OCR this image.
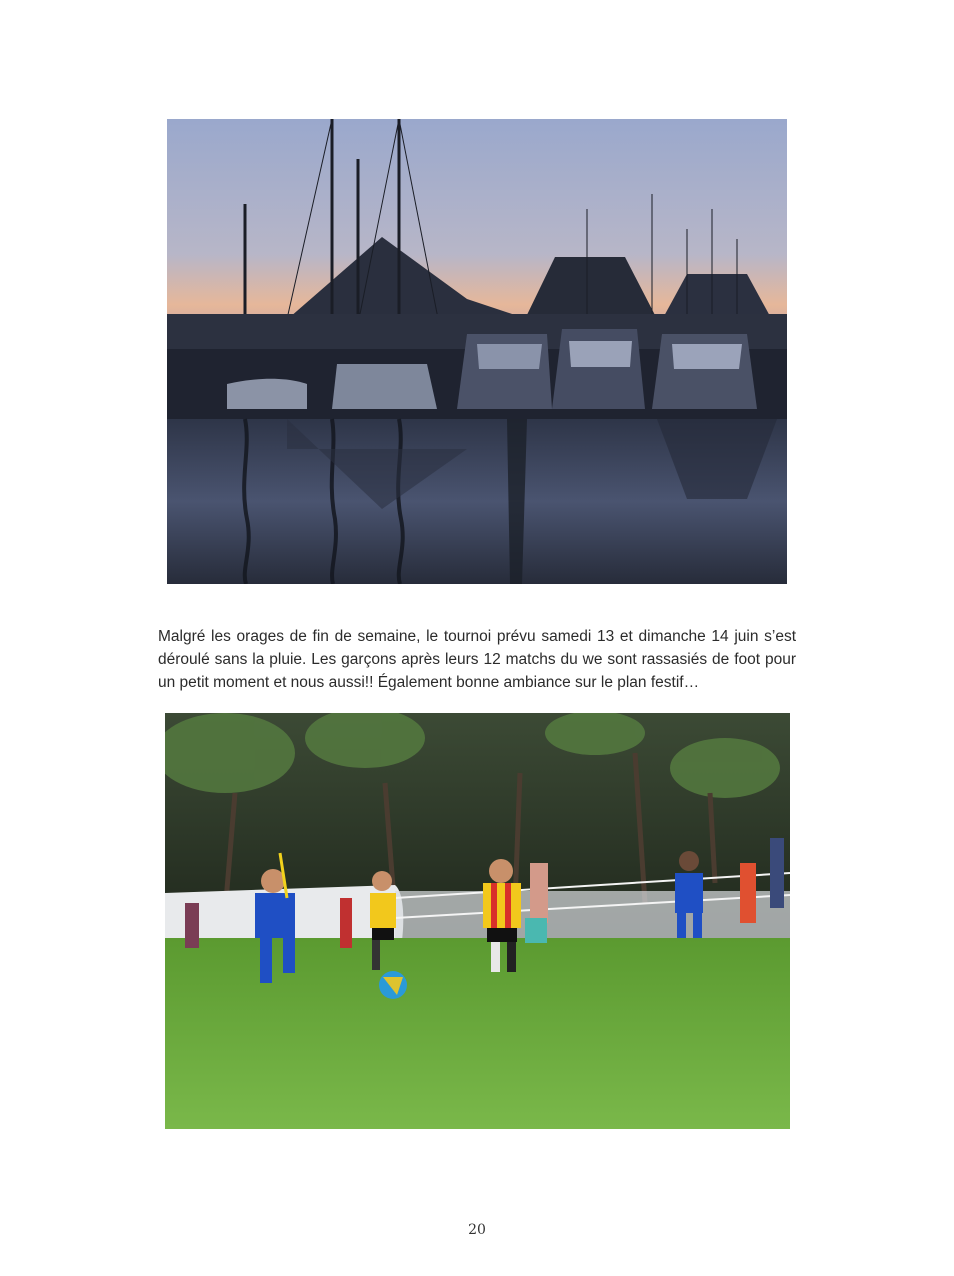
Malgré les orages de fin de semaine, le tournoi prévu samedi 13 et dimanche 14 juin s’est déroulé sans la pluie. Les garçons après leurs 12 matchs du we sont rassasiés de foot pour un petit moment et nous aussi!! Également bonne ambiance sur le plan festif…

20
